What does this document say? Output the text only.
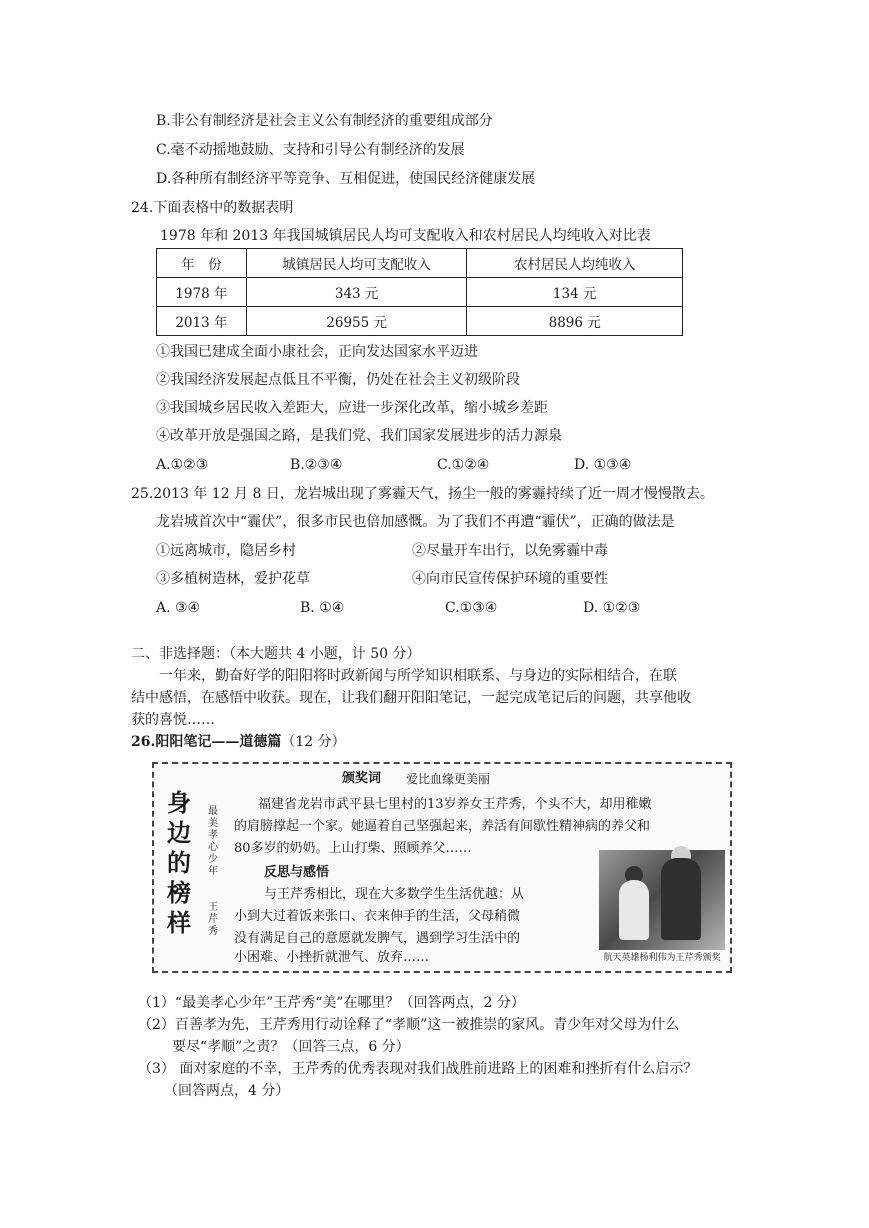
B.非公有制经济是社会主义公有制经济的重要组成部分
C.毫不动摇地鼓励、支持和引导公有制经济的发展
D.各种所有制经济平等竞争、互相促进，使国民经济健康发展
24.下面表格中的数据表明
1978 年和 2013 年我国城镇居民人均可支配收入和农村居民人均纯收入对比表
年　份	城镇居民人均可支配收入	农村居民人均纯收入
1978 年	343 元	134 元
2013 年	26955 元	8896 元
①我国已建成全面小康社会，正向发达国家水平迈进
②我国经济发展起点低且不平衡，仍处在社会主义初级阶段
③我国城乡居民收入差距大，应进一步深化改革，缩小城乡差距
④改革开放是强国之路，是我们党、我们国家发展进步的活力源泉
A.①②③	B.②③④	C.①②④	D. ①③④
25.2013 年 12 月 8 日，龙岩城出现了雾霾天气，扬尘一般的雾霾持续了近一周才慢慢散去。
龙岩城首次中“霾伏”，很多市民也倍加感慨。为了我们不再遭“霾伏”，正确的做法是
①远离城市，隐居乡村	②尽量开车出行，以免雾霾中毒
③多植树造林，爱护花草	④向市民宣传保护环境的重要性
A. ③④	B. ①④	C.①③④	D. ①②③
二、非选择题：（本大题共 4 小题，计 50 分）
一年来，勤奋好学的阳阳将时政新闻与所学知识相联系、与身边的实际相结合，在联
结中感悟，在感悟中收获。现在，让我们翻开阳阳笔记，一起完成笔记后的问题，共享他收
获的喜悦……
26.阳阳笔记——道德篇（12 分）
身
边
的
榜
样
最美孝心少年
王芹秀
颁奖词 爱比血缘更美丽
福建省龙岩市武平县七里村的13岁养女王芹秀，个头不大，却用稚嫩
的肩膀撑起一个家。她逼着自己坚强起来，养活有间歇性精神病的养父和
80多岁的奶奶。上山打柴、照顾养父……
反思与感悟
与王芹秀相比，现在大多数学生生活优越：从
小到大过着饭来张口、衣来伸手的生活，父母稍微
没有满足自己的意愿就发脾气，遇到学习生活中的
小困难、小挫折就泄气、放弃……	航天英雄杨利伟为王芹秀颁奖
（1）“最美孝心少年”王芹秀“美”在哪里？（回答两点，2 分）
（2）百善孝为先，王芹秀用行动诠释了“孝顺”这一被推崇的家风。青少年对父母为什么
要尽“孝顺”之责？（回答三点，6 分）
（3） 面对家庭的不幸，王芹秀的优秀表现对我们战胜前进路上的困难和挫折有什么启示？
（回答两点，4 分）
